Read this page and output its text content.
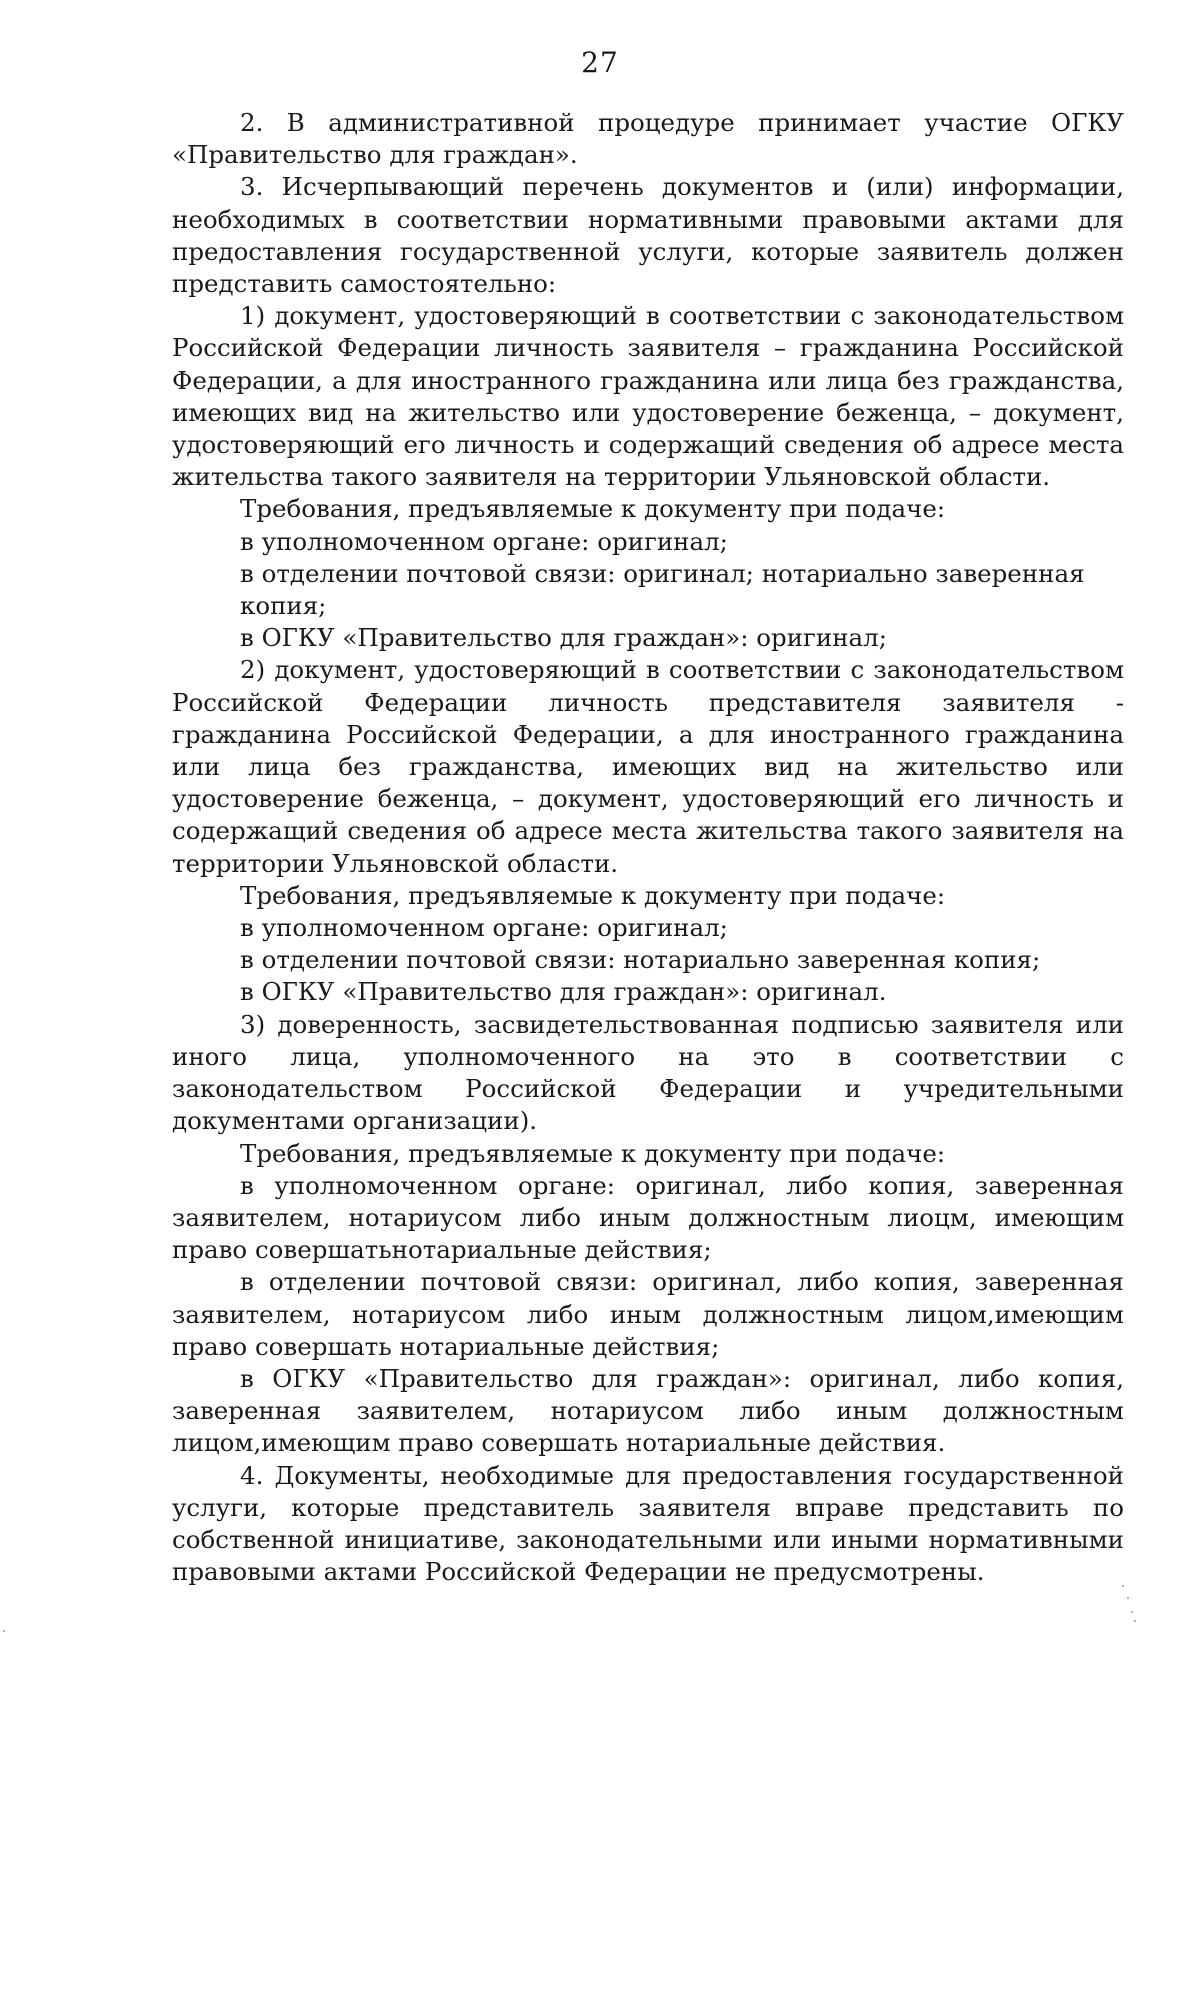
27

2. В административной процедуре принимает участие ОГКУ «Правительство для граждан».

3. Исчерпывающий перечень документов и (или) информации, необходимых в соответствии нормативными правовыми актами для предоставления государственной услуги, которые заявитель должен представить самостоятельно:

1) документ, удостоверяющий в соответствии с законодательством Российской Федерации личность заявителя – гражданина Российской Федерации, а для иностранного гражданина или лица без гражданства, имеющих вид на жительство или удостоверение беженца, – документ, удостоверяющий его личность и содержащий сведения об адресе места жительства такого заявителя на территории Ульяновской области.

Требования, предъявляемые к документу при подаче:

в уполномоченном органе: оригинал;

в отделении почтовой связи: оригинал; нотариально заверенная копия;

в ОГКУ «Правительство для граждан»: оригинал;

2) документ, удостоверяющий в соответствии с законодательством Российской Федерации личность представителя заявителя - гражданина Российской Федерации, а для иностранного гражданина или лица без гражданства, имеющих вид на жительство или удостоверение беженца, – документ, удостоверяющий его личность и содержащий сведения об адресе места жительства такого заявителя на территории Ульяновской области.

Требования, предъявляемые к документу при подаче:

в уполномоченном органе: оригинал;

в отделении почтовой связи: нотариально заверенная копия;

в ОГКУ «Правительство для граждан»: оригинал.

3) доверенность, засвидетельствованная подписью заявителя или иного лица, уполномоченного на это в соответствии с законодательством Российской Федерации и учредительными документами организации).

Требования, предъявляемые к документу при подаче:

в уполномоченном органе: оригинал, либо копия, заверенная заявителем, нотариусом либо иным должностным лиоцм, имеющим право совершатьнотариальные действия;

в отделении почтовой связи: оригинал, либо копия, заверенная заявителем, нотариусом либо иным должностным лицом,имеющим право совершать нотариальные действия;

в ОГКУ «Правительство для граждан»: оригинал, либо копия, заверенная заявителем, нотариусом либо иным должностным лицом,имеющим право совершать нотариальные действия.

4. Документы, необходимые для предоставления государственной услуги, которые представитель заявителя вправе представить по собственной инициативе, законодательными или иными нормативными правовыми актами Российской Федерации не предусмотрены.
